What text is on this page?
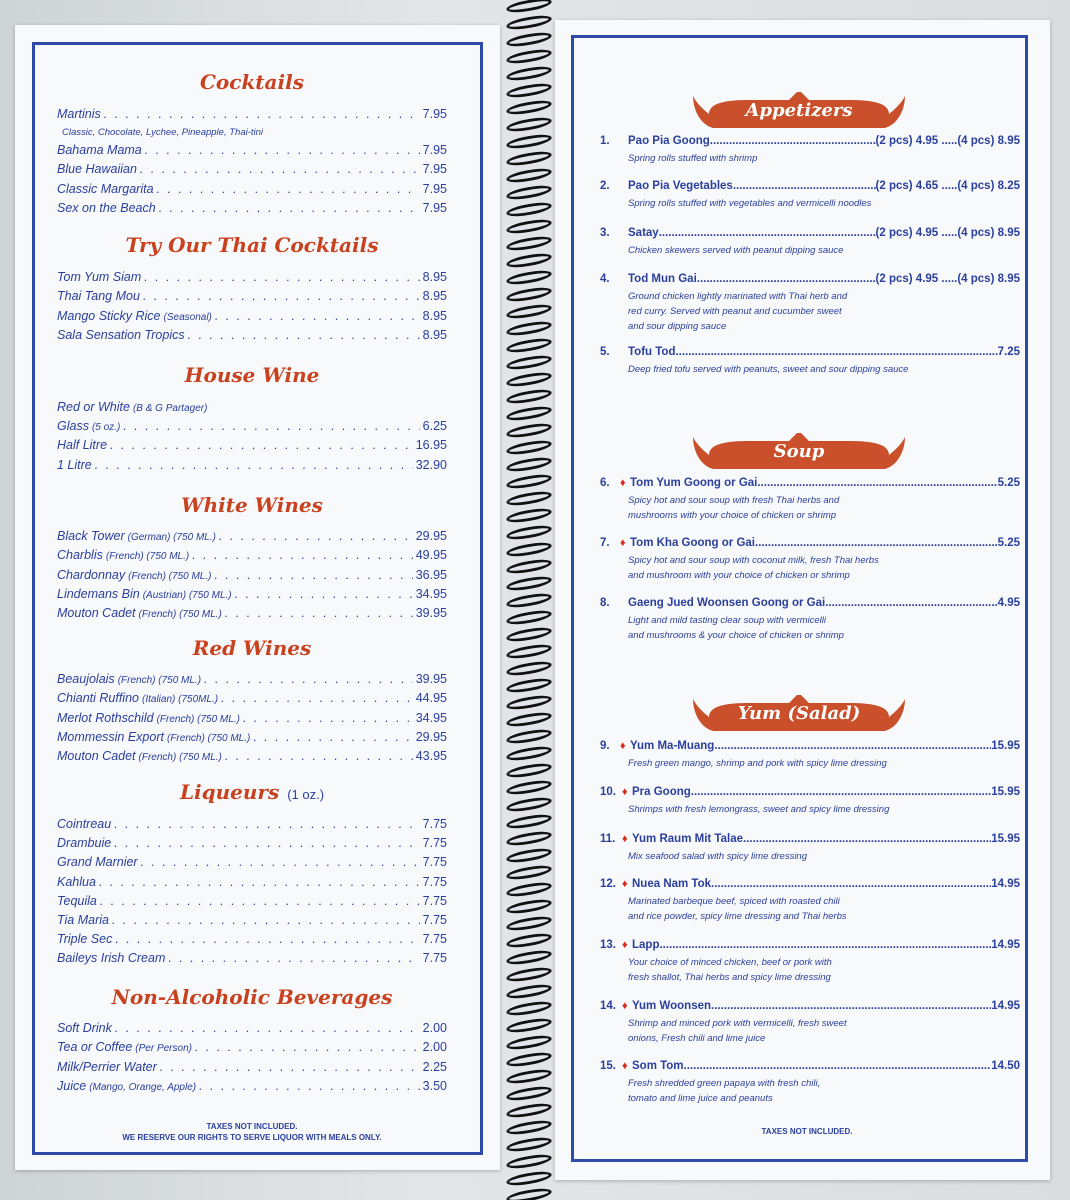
Cocktails
Martinis . . .	7.95
Classic, Chocolate, Lychee, Pineapple, Thai-tini
Bahama Mama . . .	7.95
Blue Hawaiian . . .	7.95
Classic Margarita . . .	7.95
Sex on the Beach . . .	7.95
Try Our Thai Cocktails
Tom Yum Siam . . .	8.95
Thai Tang Mou . . .	8.95
Mango Sticky Rice (Seasonal) . . .	8.95
Sala Sensation Tropics . . .	8.95
House Wine
Red or White (B & G Partager)
Glass (5 oz.) . . .	6.25
Half Litre . . .	16.95
1 Litre . . .	32.90
White Wines
Black Tower (German) (750 ML.) . . .	29.95
Charblis (French) (750 ML.) . . .	49.95
Chardonnay (French) (750 ML.) . . .	36.95
Lindemans Bin (Austrian) (750 ML.) . . .	34.95
Mouton Cadet (French) (750 ML.) . . .	39.95
Red Wines
Beaujolais (French) (750 ML.) . . .	39.95
Chianti Ruffino (Italian) (750ML.) . . .	44.95
Merlot Rothschild (French) (750 ML.) . . .	34.95
Mommessin Export (French) (750 ML.) . . .	29.95
Mouton Cadet (French) (750 ML.) . . .	43.95
Liqueurs (1 oz.)
Cointreau . . .	7.75
Drambuie . . .	7.75
Grand Marnier . . .	7.75
Kahlua . . .	7.75
Tequila . . .	7.75
Tia Maria . . .	7.75
Triple Sec . . .	7.75
Baileys Irish Cream . . .	7.75
Non-Alcoholic Beverages
Soft Drink . . .	2.00
Tea or Coffee (Per Person) . . .	2.00
Milk/Perrier Water . . .	2.25
Juice (Mango, Orange, Apple) . . .	3.50
TAXES NOT INCLUDED.
WE RESERVE OUR RIGHTS TO SERVE LIQUOR WITH MEALS ONLY.
Appetizers
Soup
Yum (Salad)
1.	Pao Pia Goong .....	(2 pcs) 4.95 .....(4 pcs) 8.95
Spring rolls stuffed with shrimp
2.	Pao Pia Vegetables .....	(2 pcs) 4.65 .....(4 pcs) 8.25
Spring rolls stuffed with vegetables and vermicelli noodles
3.	Satay .....	(2 pcs) 4.95 .....(4 pcs) 8.95
Chicken skewers served with peanut dipping sauce
4.	Tod Mun Gai .....	(2 pcs) 4.95 .....(4 pcs) 8.95
Ground chicken lightly marinated with Thai herb and
red curry. Served with peanut and cucumber sweet
and sour dipping sauce
5.	Tofu Tod .....	7.25
Deep fried tofu served with peanuts, sweet and sour dipping sauce
6. ♦ Tom Yum Goong or Gai .....	5.25
Spicy hot and sour soup with fresh Thai herbs and
mushrooms with your choice of chicken or shrimp
7. ♦ Tom Kha Goong or Gai .....	5.25
Spicy hot and sour soup with coconut milk, fresh Thai herbs
and mushroom with your choice of chicken or shrimp
8.	Gaeng Jued Woonsen Goong or Gai .....	4.95
Light and mild tasting clear soup with vermicelli
and mushrooms & your choice of chicken or shrimp
9. ♦ Yum Ma-Muang .....	15.95
Fresh green mango, shrimp and pork with spicy lime dressing
10. ♦ Pra Goong .....	15.95
Shrimps with fresh lemongrass, sweet and spicy lime dressing
11. ♦ Yum Raum Mit Talae .....	15.95
Mix seafood salad with spicy lime dressing
12. ♦ Nuea Nam Tok .....	14.95
Marinated barbeque beef, spiced with roasted chili
and rice powder, spicy lime dressing and Thai herbs
13. ♦ Lapp .....	14.95
Your choice of minced chicken, beef or pork with
fresh shallot, Thai herbs and spicy lime dressing
14. ♦ Yum Woonsen .....	14.95
Shrimp and minced pork with vermicelli, fresh sweet
onions, Fresh chili and lime juice
15. ♦ Som Tom .....	14.50
Fresh shredded green papaya with fresh chili,
tomato and lime juice and peanuts
TAXES NOT INCLUDED.
